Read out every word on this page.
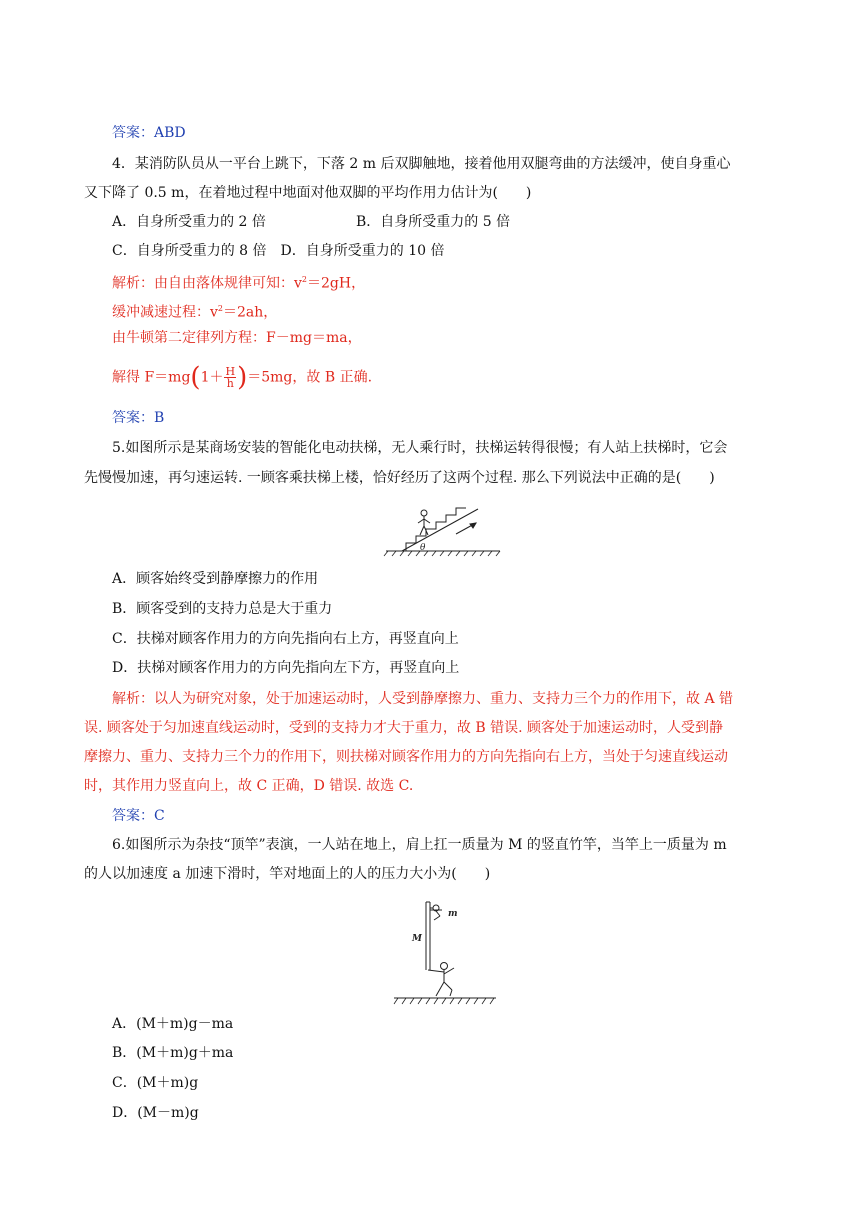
答案：ABD
4．某消防队员从一平台上跳下，下落 2 m 后双脚触地，接着他用双腿弯曲的方法缓冲，使自身重心
又下降了 0.5 m，在着地过程中地面对他双脚的平均作用力估计为(　　)
A．自身所受重力的 2 倍	B．自身所受重力的 5 倍
C．自身所受重力的 8 倍　D．自身所受重力的 10 倍
解析：由自由落体规律可知：$v^2=2gH$，
缓冲减速过程：$v^2=2ah$，
由牛顿第二定律列方程：F－mg＝ma，
解得 $F=mg(1+ \frac{H}{h} )=5mg$，故 B 正确.
答案：B
5.如图所示是某商场安装的智能化电动扶梯，无人乘行时，扶梯运转得很慢；有人站上扶梯时，它会
先慢慢加速，再匀速运转. 一顾客乘扶梯上楼，恰好经历了这两个过程. 那么下列说法中正确的是(　　)
θ
A．顾客始终受到静摩擦力的作用
B．顾客受到的支持力总是大于重力
C．扶梯对顾客作用力的方向先指向右上方，再竖直向上
D．扶梯对顾客作用力的方向先指向左下方，再竖直向上
解析：以人为研究对象，处于加速运动时，人受到静摩擦力、重力、支持力三个力的作用下，故 A 错
误. 顾客处于匀加速直线运动时，受到的支持力才大于重力，故 B 错误. 顾客处于加速运动时，人受到静
摩擦力、重力、支持力三个力的作用下，则扶梯对顾客作用力的方向先指向右上方，当处于匀速直线运动
时，其作用力竖直向上，故 C 正确，D 错误. 故选 C.
答案：C
6.如图所示为杂技“顶竿”表演，一人站在地上，肩上扛一质量为 M 的竖直竹竿，当竿上一质量为 m
的人以加速度 a 加速下滑时，竿对地面上的人的压力大小为(　　)
m
M
A．(M＋m)g－ma
B．(M＋m)g＋ma
C．(M＋m)g
D．(M－m)g
